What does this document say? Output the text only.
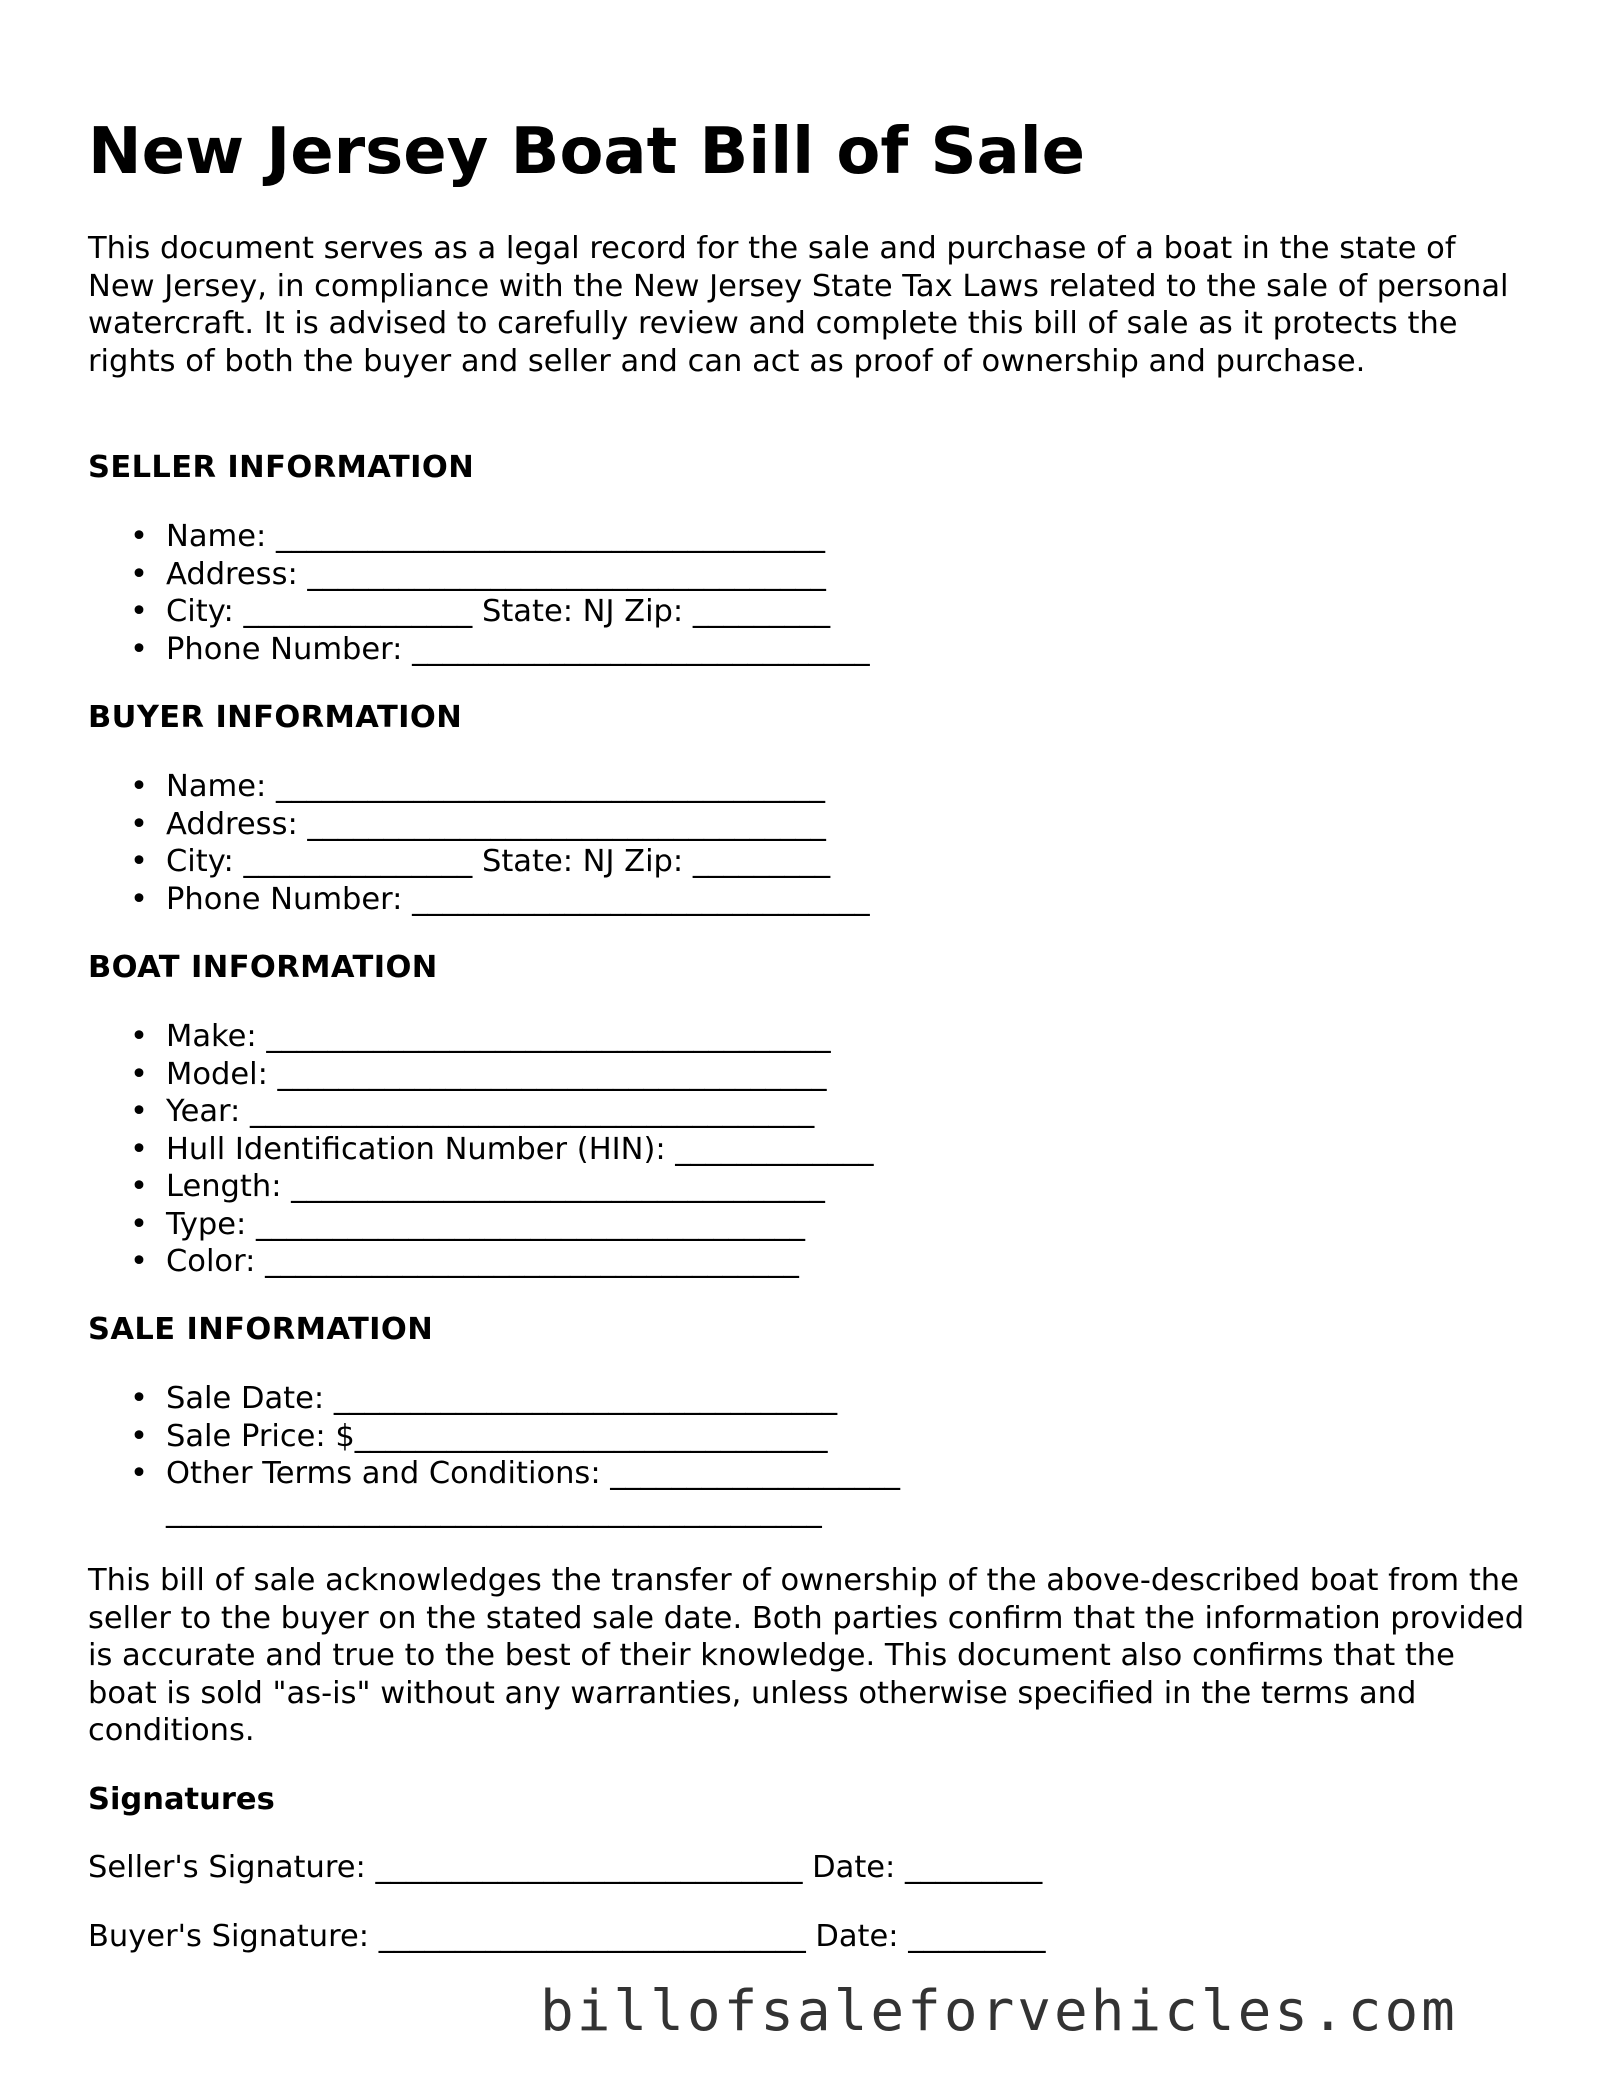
New Jersey Boat Bill of Sale

This document serves as a legal record for the sale and purchase of a boat in the state of New Jersey, in compliance with the New Jersey State Tax Laws related to the sale of personal watercraft. It is advised to carefully review and complete this bill of sale as it protects the rights of both the buyer and seller and can act as proof of ownership and purchase.

SELLER INFORMATION
• Name: ____________________________________
• Address: __________________________________
• City: _______________ State: NJ Zip: _________
• Phone Number: ______________________________
BUYER INFORMATION
• Name: ____________________________________
• Address: __________________________________
• City: _______________ State: NJ Zip: _________
• Phone Number: ______________________________
BOAT INFORMATION
• Make: _____________________________________
• Model: ____________________________________
• Year: _____________________________________
• Hull Identification Number (HIN): _____________
• Length: ___________________________________
• Type: ____________________________________
• Color: ___________________________________
SALE INFORMATION
• Sale Date: _________________________________
• Sale Price: $_______________________________
• Other Terms and Conditions: ___________________
___________________________________________

This bill of sale acknowledges the transfer of ownership of the above-described boat from the seller to the buyer on the stated sale date. Both parties confirm that the information provided is accurate and true to the best of their knowledge. This document also confirms that the boat is sold "as-is" without any warranties, unless otherwise specified in the terms and conditions.

Signatures

Seller's Signature: ____________________________ Date: _________

Buyer's Signature: ____________________________ Date: _________

billofsaleforvehicles.com
